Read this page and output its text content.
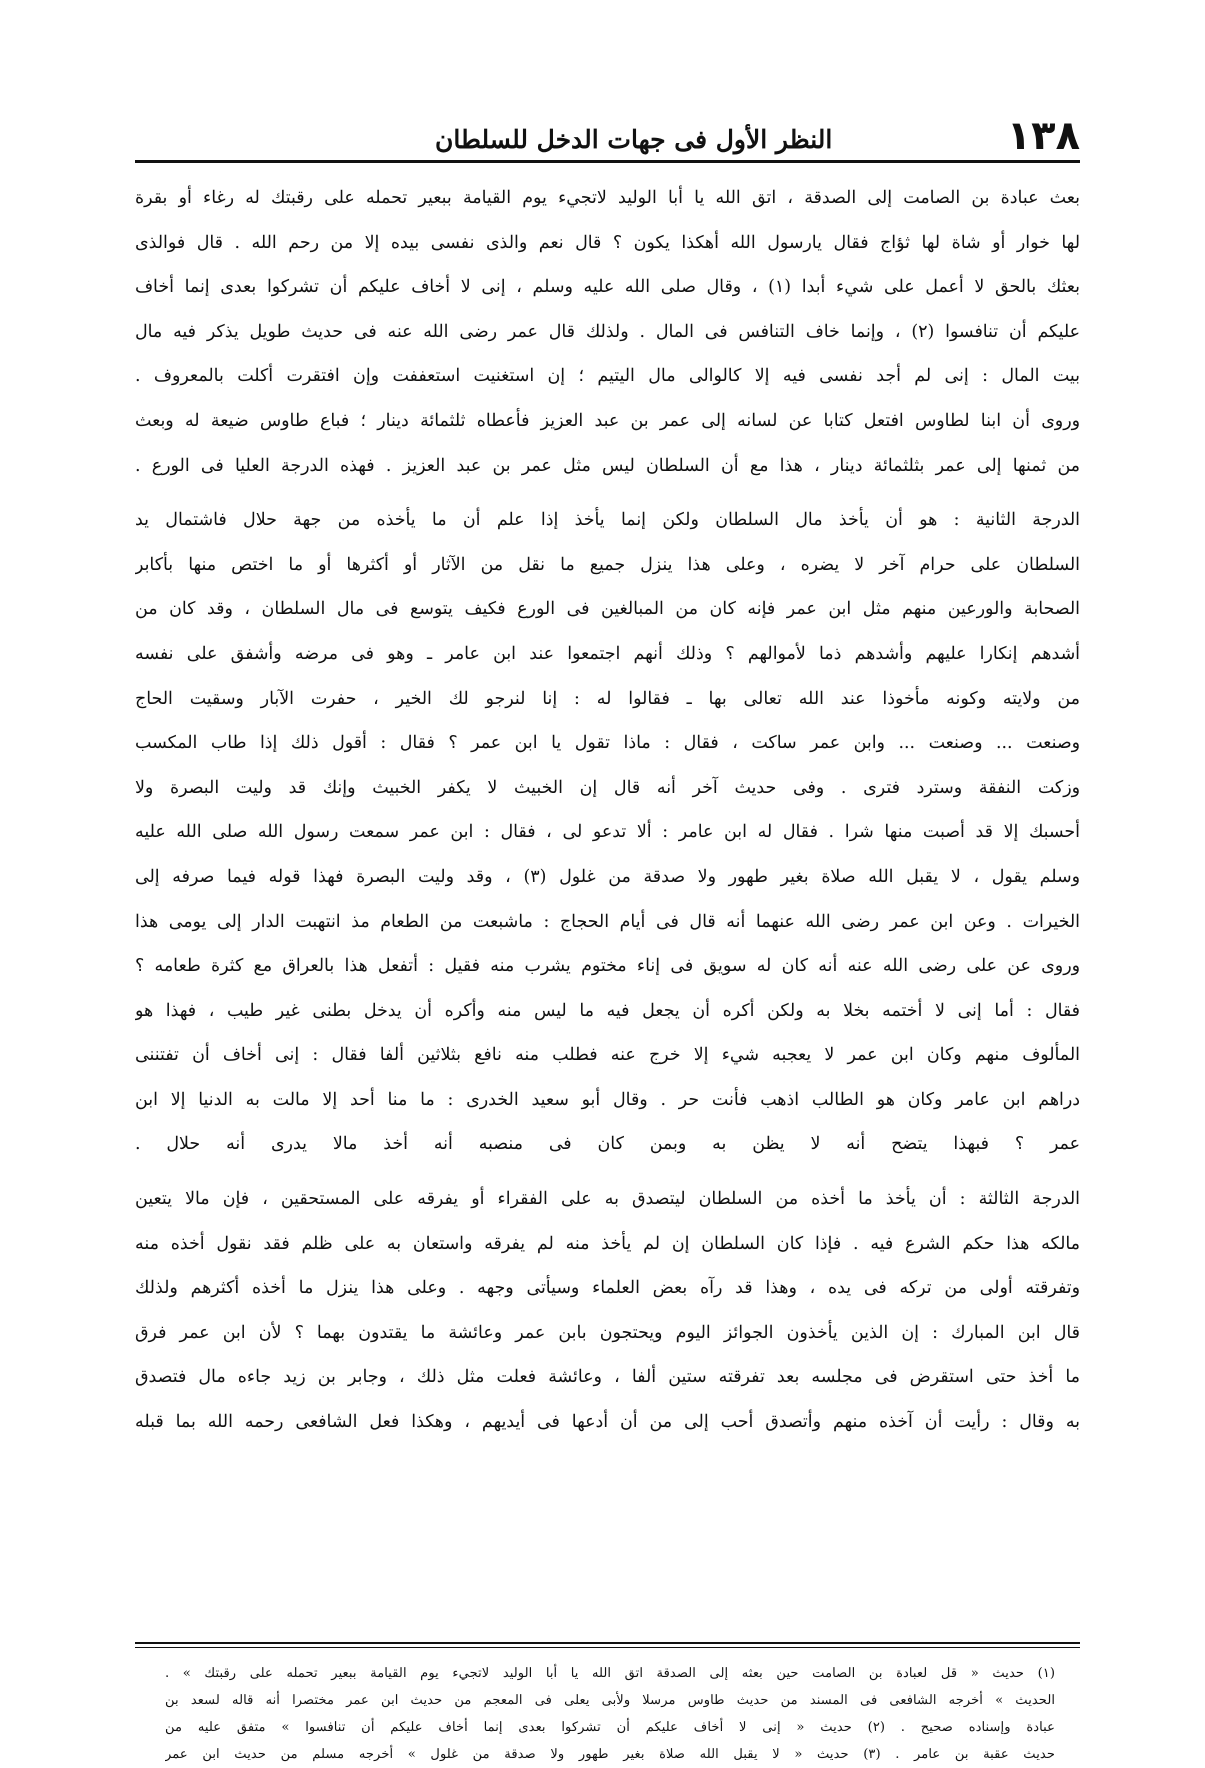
١٣٨
النظر الأول فى جهات الدخل للسلطان
بعث عبادة بن الصامت إلى الصدقة ، اتق الله يا أبا الوليد لاتجيء يوم القيامة ببعير تحمله على رقبتك له رغاء أو بقرة
لها خوار أو شاة لها ثؤاج فقال يارسول الله أهكذا يكون ؟ قال نعم والذى نفسى بيده إلا من رحم الله . قال فوالذى
بعثك بالحق لا أعمل على شيء أبدا (١) ، وقال صلى الله عليه وسلم ، إنى لا أخاف عليكم أن تشركوا بعدى إنما أخاف
عليكم أن تنافسوا (٢) ، وإنما خاف التنافس فى المال . ولذلك قال عمر رضى الله عنه فى حديث طويل يذكر فيه مال
بيت المال : إنى لم أجد نفسى فيه إلا كالوالى مال اليتيم ؛ إن استغنيت استعففت وإن افتقرت أكلت بالمعروف .
وروى أن ابنا لطاوس افتعل كتابا عن لسانه إلى عمر بن عبد العزيز فأعطاه ثلثمائة دينار ؛ فباع طاوس ضيعة له وبعث
من ثمنها إلى عمر بثلثمائة دينار ، هذا مع أن السلطان ليس مثل عمر بن عبد العزيز . فهذه الدرجة العليا فى الورع .
الدرجة الثانية : هو أن يأخذ مال السلطان ولكن إنما يأخذ إذا علم أن ما يأخذه من جهة حلال فاشتمال يد
السلطان على حرام آخر لا يضره ، وعلى هذا ينزل جميع ما نقل من الآثار أو أكثرها أو ما اختص منها بأكابر
الصحابة والورعين منهم مثل ابن عمر فإنه كان من المبالغين فى الورع فكيف يتوسع فى مال السلطان ، وقد كان من
أشدهم إنكارا عليهم وأشدهم ذما لأموالهم ؟ وذلك أنهم اجتمعوا عند ابن عامر ـ وهو فى مرضه وأشفق على نفسه
من ولايته وكونه مأخوذا عند الله تعالى بها ـ فقالوا له : إنا لنرجو لك الخير ، حفرت الآبار وسقيت الحاج
وصنعت ... وصنعت ... وابن عمر ساكت ، فقال : ماذا تقول يا ابن عمر ؟ فقال : أقول ذلك إذا طاب المكسب
وزكت النفقة وسترد فترى . وفى حديث آخر أنه قال إن الخبيث لا يكفر الخبيث وإنك قد وليت البصرة ولا
أحسبك إلا قد أصبت منها شرا . فقال له ابن عامر : ألا تدعو لى ، فقال : ابن عمر سمعت رسول الله صلى الله عليه
وسلم يقول ، لا يقبل الله صلاة بغير طهور ولا صدقة من غلول (٣) ، وقد وليت البصرة فهذا قوله فيما صرفه إلى
الخيرات . وعن ابن عمر رضى الله عنهما أنه قال فى أيام الحجاج : ماشبعت من الطعام مذ انتهبت الدار إلى يومى هذا
وروى عن على رضى الله عنه أنه كان له سويق فى إناء مختوم يشرب منه فقيل : أتفعل هذا بالعراق مع كثرة طعامه ؟
فقال : أما إنى لا أختمه بخلا به ولكن أكره أن يجعل فيه ما ليس منه وأكره أن يدخل بطنى غير طيب ، فهذا هو
المألوف منهم وكان ابن عمر لا يعجبه شيء إلا خرج عنه فطلب منه نافع بثلاثين ألفا فقال : إنى أخاف أن تفتننى
دراهم ابن عامر وكان هو الطالب اذهب فأنت حر . وقال أبو سعيد الخدرى : ما منا أحد إلا مالت به الدنيا إلا ابن
عمر ؟ فبهذا يتضح أنه لا يظن به وبمن كان فى منصبه أنه أخذ مالا يدرى أنه حلال .
الدرجة الثالثة : أن يأخذ ما أخذه من السلطان ليتصدق به على الفقراء أو يفرقه على المستحقين ، فإن مالا يتعين
مالكه هذا حكم الشرع فيه . فإذا كان السلطان إن لم يأخذ منه لم يفرقه واستعان به على ظلم فقد نقول أخذه منه
وتفرقته أولى من تركه فى يده ، وهذا قد رآه بعض العلماء وسيأتى وجهه . وعلى هذا ينزل ما أخذه أكثرهم ولذلك
قال ابن المبارك : إن الذين يأخذون الجوائز اليوم ويحتجون بابن عمر وعائشة ما يقتدون بهما ؟ لأن ابن عمر فرق
ما أخذ حتى استقرض فى مجلسه بعد تفرقته ستين ألفا ، وعائشة فعلت مثل ذلك ، وجابر بن زيد جاءه مال فتصدق
به وقال : رأيت أن آخذه منهم وأتصدق أحب إلى من أن أدعها فى أيديهم ، وهكذا فعل الشافعى رحمه الله بما قبله
(١) حديث « قل لعبادة بن الصامت حين بعثه إلى الصدقة اتق الله يا أبا الوليد لاتجيء يوم القيامة ببعير تحمله على رقبتك » .
الحديث » أخرجه الشافعى فى المسند من حديث طاوس مرسلا ولأبى يعلى فى المعجم من حديث ابن عمر مختصرا أنه قاله لسعد بن
عبادة وإسناده صحيح . (٢) حديث « إنى لا أخاف عليكم أن تشركوا بعدى إنما أخاف عليكم أن تنافسوا » متفق عليه من
حديث عقبة بن عامر . (٣) حديث « لا يقبل الله صلاة بغير طهور ولا صدقة من غلول » أخرجه مسلم من حديث ابن عمر
